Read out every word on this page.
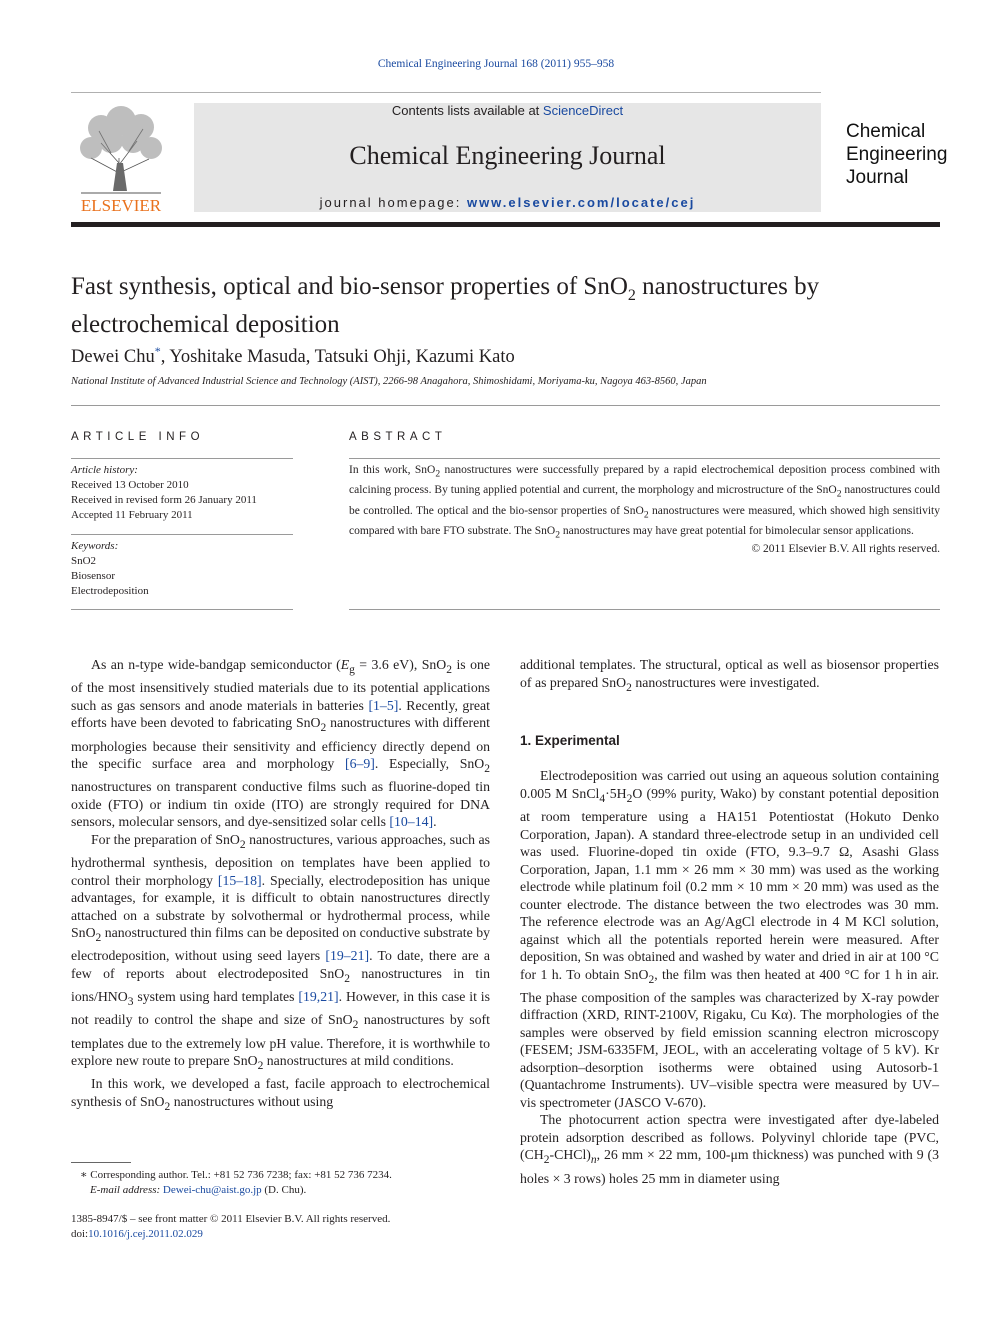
Chemical Engineering Journal 168 (2011) 955–958
ELSEVIER
Contents lists available at ScienceDirect
Chemical Engineering Journal
journal homepage: www.elsevier.com/locate/cej
Chemical
Engineering
Journal
Fast synthesis, optical and bio-sensor properties of SnO$_2$ nanostructures by
electrochemical deposition
Dewei Chu*, Yoshitake Masuda, Tatsuki Ohji, Kazumi Kato
National Institute of Advanced Industrial Science and Technology (AIST), 2266-98 Anagahora, Shimoshidami, Moriyama-ku, Nagoya 463-8560, Japan
ARTICLE INFO
Article history:
Received 13 October 2010
Received in revised form 26 January 2011
Accepted 11 February 2011
Keywords:
SnO2
Biosensor
Electrodeposition
ABSTRACT
In this work, SnO$_2$ nanostructures were successfully prepared by a rapid electrochemical deposition process combined with calcining process. By tuning applied potential and current, the morphology and microstructure of the SnO$_2$ nanostructures could be controlled. The optical and the bio-sensor properties of SnO$_2$ nanostructures were measured, which showed high sensitivity compared with bare FTO substrate. The SnO$_2$ nanostructures may have great potential for bimolecular sensor applications.
© 2011 Elsevier B.V. All rights reserved.

As an n-type wide-bandgap semiconductor ($E_g = 3.6$ eV), SnO$_2$ is one of the most insensitively studied materials due to its potential applications such as gas sensors and anode materials in batteries [1–5]. Recently, great efforts have been devoted to fabricating SnO$_2$ nanostructures with different morphologies because their sensitivity and efficiency directly depend on the specific surface area and morphology [6–9]. Especially, SnO$_2$ nanostructures on transparent conductive films such as fluorine-doped tin oxide (FTO) or indium tin oxide (ITO) are strongly required for DNA sensors, molecular sensors, and dye-sensitized solar cells [10–14].

For the preparation of SnO$_2$ nanostructures, various approaches, such as hydrothermal synthesis, deposition on templates have been applied to control their morphology [15–18]. Specially, electrodeposition has unique advantages, for example, it is difficult to obtain nanostructures directly attached on a substrate by solvothermal or hydrothermal process, while SnO$_2$ nanostructured thin films can be deposited on conductive substrate by electrodeposition, without using seed layers [19–21]. To date, there are a few of reports about electrodeposited SnO$_2$ nanostructures in tin ions/$HNO_3$ system using hard templates [19,21]. However, in this case it is not readily to control the shape and size of SnO$_2$ nanostructures by soft templates due to the extremely low pH value. Therefore, it is worthwhile to explore new route to prepare SnO$_2$ nanostructures at mild conditions.

In this work, we developed a fast, facile approach to electrochemical synthesis of SnO$_2$ nanostructures without using

additional templates. The structural, optical as well as biosensor properties of as prepared SnO$_2$ nanostructures were investigated.

1. Experimental

Electrodeposition was carried out using an aqueous solution containing 0.005 M $SnCl_4\cdot 5H_2O$ (99% purity, Wako) by constant potential deposition at room temperature using a HA151 Potentiostat (Hokuto Denko Corporation, Japan). A standard three-electrode setup in an undivided cell was used. Fluorine-doped tin oxide (FTO, 9.3–9.7 Ω, Asashi Glass Corporation, Japan, 1.1 mm × 26 mm × 30 mm) was used as the working electrode while platinum foil (0.2 mm × 10 mm × 20 mm) was used as the counter electrode. The distance between the two electrodes was 30 mm. The reference electrode was an Ag/AgCl electrode in 4 M KCl solution, against which all the potentials reported herein were measured. After deposition, Sn was obtained and washed by water and dried in air at 100 °C for 1 h. To obtain SnO$_2$, the film was then heated at 400 °C for 1 h in air. The phase composition of the samples was characterized by X-ray powder diffraction (XRD, RINT-2100V, Rigaku, Cu Kα). The morphologies of the samples were observed by field emission scanning electron microscopy (FESEM; JSM-6335FM, JEOL, with an accelerating voltage of 5 kV). Kr adsorption–desorption isotherms were obtained using Autosorb-1 (Quantachrome Instruments). UV–visible spectra were measured by UV–vis spectrometer (JASCO V-670).

The photocurrent action spectra were investigated after dye-labeled protein adsorption described as follows. Polyvinyl chloride tape (PVC, $(CH_2-CHCl)_n$, 26 mm × 22 mm, 100-μm thickness) was punched with 9 (3 holes × 3 rows) holes 25 mm in diameter using

∗ Corresponding author. Tel.: +81 52 736 7238; fax: +81 52 736 7234.
E-mail address: Dewei-chu@aist.go.jp (D. Chu).
1385-8947/$ – see front matter © 2011 Elsevier B.V. All rights reserved.
doi:10.1016/j.cej.2011.02.029
